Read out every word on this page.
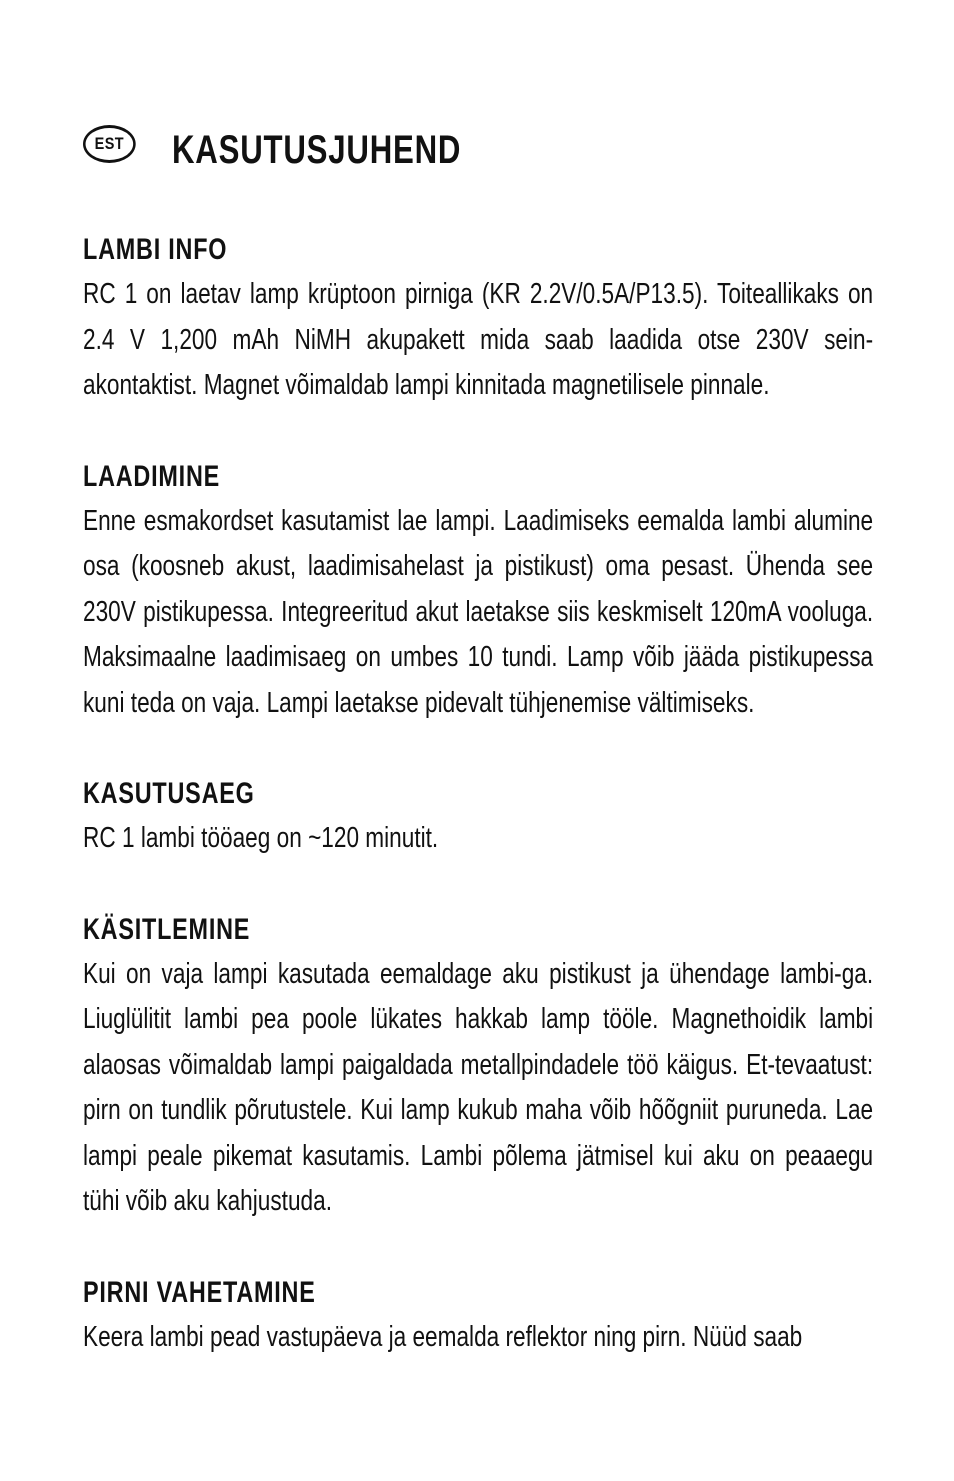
EST KASUTUSJUHEND
LAMBI INFO
RC 1 on laetav lamp krüptoon pirniga (KR 2.2V/0.5A/P13.5). Toiteallikaks on 2.4 V 1,200 mAh NiMH akupakett mida saab laadida otse 230V sein-akontaktist. Magnet võimaldab lampi kinnitada magnetilisele pinnale.
LAADIMINE
Enne esmakordset kasutamist lae lampi. Laadimiseks eemalda lambi alumine osa (koosneb akust, laadimisahelast ja pistikust) oma pesast. Ühenda see 230V pistikupessa. Integreeritud akut laetakse siis keskmiselt 120mA vooluga. Maksimaalne laadimisaeg on umbes 10 tundi. Lamp võib jääda pistikupessa kuni teda on vaja. Lampi laetakse pidevalt tühjenemise vältimiseks.
KASUTUSAEG
RC 1 lambi tööaeg on ~120 minutit.
KÄSITLEMINE
Kui on vaja lampi kasutada eemaldage aku pistikust ja ühendage lambi-ga. Liuglülitit lambi pea poole lükates hakkab lamp tööle. Magnethoidik lambi alaosas võimaldab lampi paigaldada metallpindadele töö käigus. Et-tevaatust: pirn on tundlik põrutustele. Kui lamp kukub maha võib hõõgniit puruneda. Lae lampi peale pikemat kasutamis. Lambi põlema jätmisel kui aku on peaaegu tühi võib aku kahjustuda.
PIRNI VAHETAMINE
Keera lambi pead vastupäeva ja eemalda reflektor ning pirn. Nüüd saab
